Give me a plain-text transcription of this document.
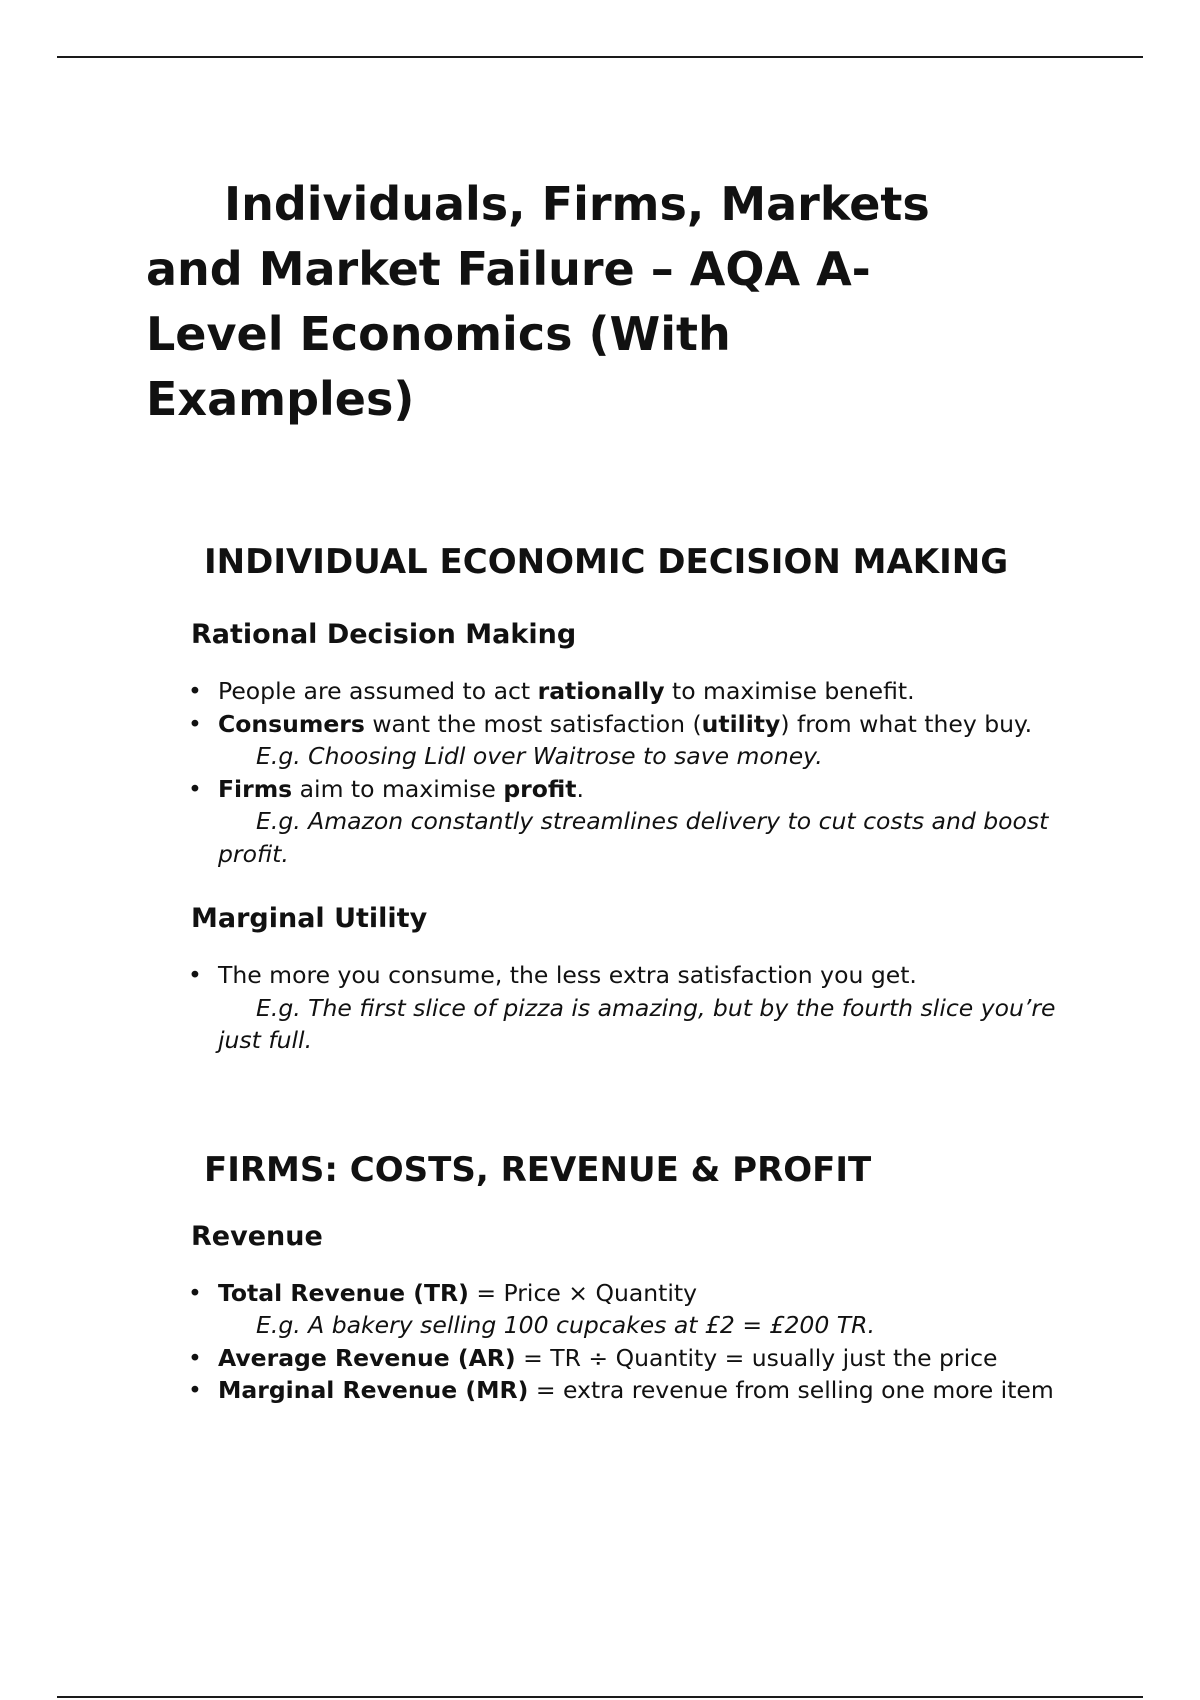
Individuals, Firms, Markets and Market Failure – AQA A-Level Economics (With Examples)
INDIVIDUAL ECONOMIC DECISION MAKING
Rational Decision Making
• People are assumed to act rationally to maximise benefit.
• Consumers want the most satisfaction (utility) from what they buy.
E.g. Choosing Lidl over Waitrose to save money.
• Firms aim to maximise profit.
E.g. Amazon constantly streamlines delivery to cut costs and boost profit.
Marginal Utility
• The more you consume, the less extra satisfaction you get.
E.g. The first slice of pizza is amazing, but by the fourth slice you’re just full.
FIRMS: COSTS, REVENUE & PROFIT
Revenue
• Total Revenue (TR) = Price × Quantity
E.g. A bakery selling 100 cupcakes at £2 = £200 TR.
• Average Revenue (AR) = TR ÷ Quantity = usually just the price
• Marginal Revenue (MR) = extra revenue from selling one more item
